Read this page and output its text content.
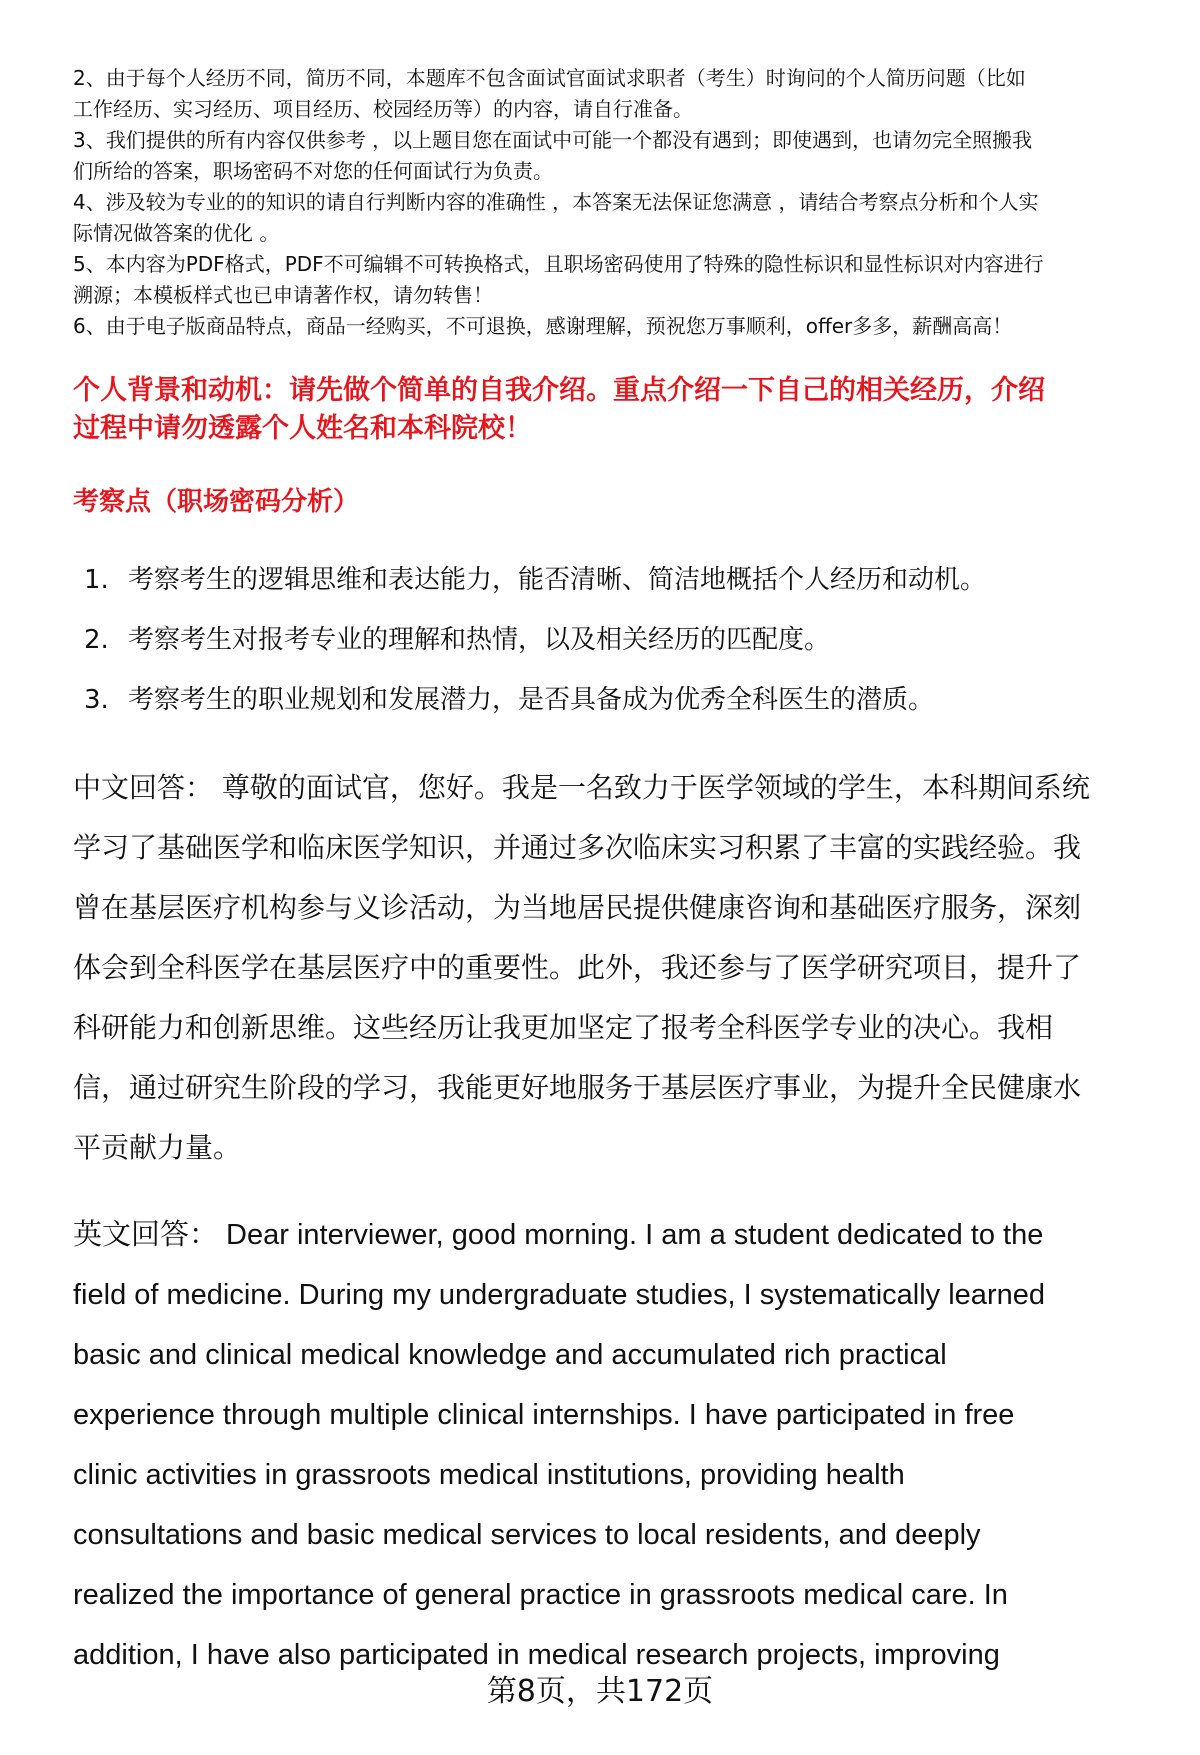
2、由于每个人经历不同，简历不同，本题库不包含面试官面试求职者（考生）时询问的个人简历问题（比如
工作经历、实习经历、项目经历、校园经历等）的内容，请自行准备。
3、我们提供的所有内容仅供参考 ，以上题目您在面试中可能一个都没有遇到；即使遇到，也请勿完全照搬我
们所给的答案，职场密码不对您的任何面试行为负责。
4、涉及较为专业的的知识的请自行判断内容的准确性 ，本答案无法保证您满意 ，请结合考察点分析和个人实
际情况做答案的优化 。
5、本内容为PDF格式，PDF不可编辑不可转换格式，且职场密码使用了特殊的隐性标识和显性标识对内容进行
溯源；本模板样式也已申请著作权，请勿转售！
6、由于电子版商品特点，商品一经购买，不可退换，感谢理解，预祝您万事顺利，offer多多，薪酬高高！
个人背景和动机：请先做个简单的自我介绍。重点介绍一下自己的相关经历，介绍
过程中请勿透露个人姓名和本科院校！
考察点（职场密码分析）
1. 考察考生的逻辑思维和表达能力，能否清晰、简洁地概括个人经历和动机。
2. 考察考生对报考专业的理解和热情，以及相关经历的匹配度。
3. 考察考生的职业规划和发展潜力，是否具备成为优秀全科医生的潜质。
中文回答： 尊敬的面试官，您好。我是一名致力于医学领域的学生，本科期间系统
学习了基础医学和临床医学知识，并通过多次临床实习积累了丰富的实践经验。我
曾在基层医疗机构参与义诊活动，为当地居民提供健康咨询和基础医疗服务，深刻
体会到全科医学在基层医疗中的重要性。此外，我还参与了医学研究项目，提升了
科研能力和创新思维。这些经历让我更加坚定了报考全科医学专业的决心。我相
信，通过研究生阶段的学习，我能更好地服务于基层医疗事业，为提升全民健康水
平贡献力量。
英文回答： Dear interviewer, good morning. I am a student dedicated to the
field of medicine. During my undergraduate studies, I systematically learned
basic and clinical medical knowledge and accumulated rich practical
experience through multiple clinical internships. I have participated in free
clinic activities in grassroots medical institutions, providing health
consultations and basic medical services to local residents, and deeply
realized the importance of general practice in grassroots medical care. In
addition, I have also participated in medical research projects, improving
第8页，共172页
